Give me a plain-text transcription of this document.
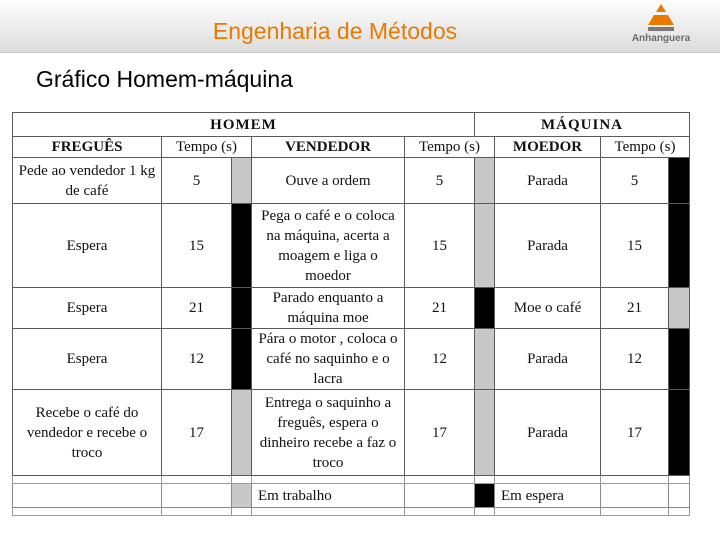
Engenharia de Métodos	Anhanguera
Gráfico Homem-máquina
HOMEM					MÁQUINA			
FREGUÊS	Tempo (s)		VENDEDOR	Tempo (s)		MOEDOR	Tempo (s)	
Pede ao vendedor 1 kg de café	5		Ouve a ordem	5		Parada	5	
Espera	15		Pega o café e o coloca na máquina, acerta a moagem e liga o moedor	15		Parada	15	
Espera	21		Parado enquanto a máquina moe	21		Moe o café	21	
Espera	12		Pára o motor , coloca o café no saquinho e o lacra	12		Parada	12	
Recebe o café do vendedor e recebe o troco	17		Entrega o saquinho a freguês, espera o dinheiro recebe a faz o troco	17		Parada	17	

			Em trabalho			Em espera		
